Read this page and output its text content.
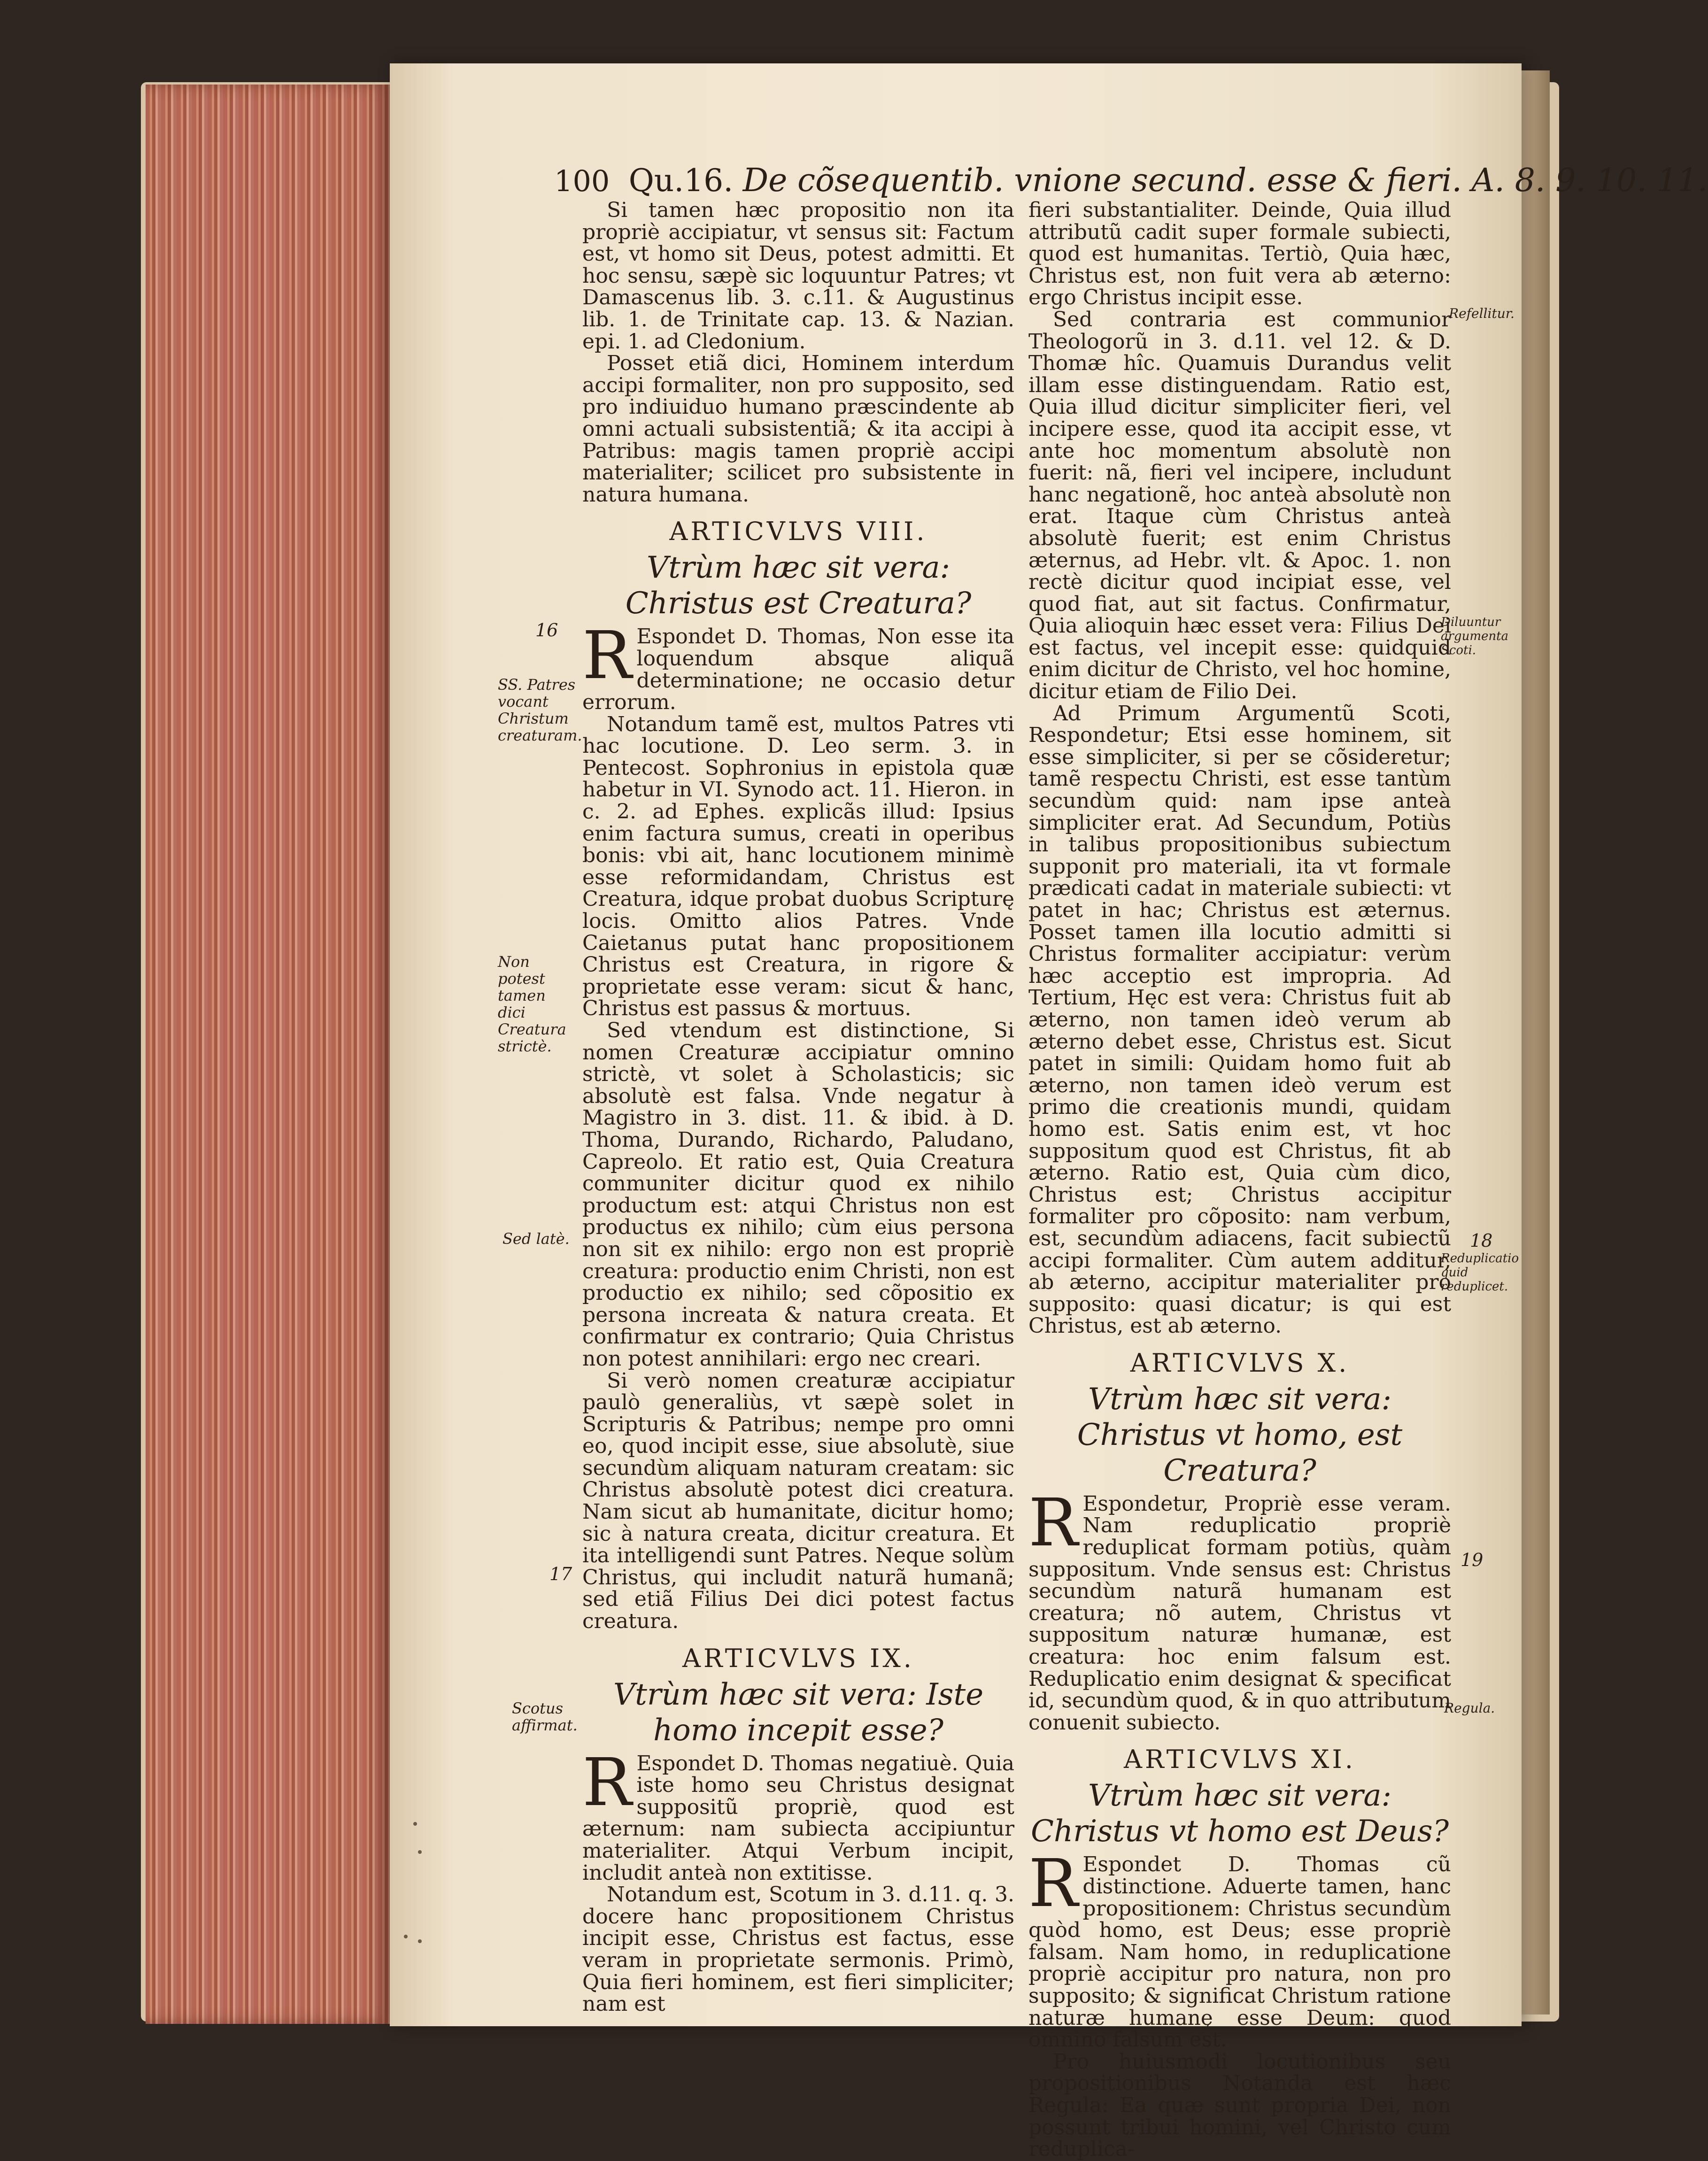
100 Qu.16. De cõsequentib. vnione secund. esse & fieri. A. 8. 9. 10. 11.

Si tamen hæc propositio non ita propriè accipiatur, vt sensus sit: Factum est, vt homo sit Deus, potest admitti. Et hoc sensu, sæpè sic loquuntur Patres; vt Damascenus lib. 3. c.11. & Augustinus lib. 1. de Trinitate cap. 13. & Nazian. epi. 1. ad Cledonium.

Posset etiã dici, Hominem interdum accipi formaliter, non pro supposito, sed pro indiuiduo humano præscindente ab omni actuali subsistentiã; & ita accipi à Patribus: magis tamen propriè accipi materialiter; scilicet pro subsistente in natura humana.

ARTICVLVS VIII.
Vtrùm hæc sit vera: Christus est Creatura?

R Espondet D. Thomas, Non esse ita loquendum absque aliquã determinatione; ne occasio detur errorum.

Notandum tamẽ est, multos Patres vti hac locutione. D. Leo serm. 3. in Pentecost. Sophronius in epistola quæ habetur in VI. Synodo act. 11. Hieron. in c. 2. ad Ephes. explicãs illud: Ipsius enim factura sumus, creati in operibus bonis: vbi ait, hanc locutionem minimè esse reformidandam, Christus est Creatura, idque probat duobus Scripturę locis. Omitto alios Patres. Vnde Caietanus putat hanc propositionem Christus est Creatura, in rigore & proprietate esse veram: sicut & hanc, Christus est passus & mortuus.

Sed vtendum est distinctione, Si nomen Creaturæ accipiatur omnino strictè, vt solet à Scholasticis; sic absolutè est falsa. Vnde negatur à Magistro in 3. dist. 11. & ibid. à D. Thoma, Durando, Richardo, Paludano, Capreolo. Et ratio est, Quia Creatura communiter dicitur quod ex nihilo productum est: atqui Christus non est productus ex nihilo; cùm eius persona non sit ex nihilo: ergo non est propriè creatura: productio enim Christi, non est productio ex nihilo; sed cõpositio ex persona increata & natura creata. Et confirmatur ex contrario; Quia Christus non potest annihilari: ergo nec creari.

Si verò nomen creaturæ accipiatur paulò generaliùs, vt sæpè solet in Scripturis & Patribus; nempe pro omni eo, quod incipit esse, siue absolutè, siue secundùm aliquam naturam creatam: sic Christus absolutè potest dici creatura. Nam sicut ab humanitate, dicitur homo; sic à natura creata, dicitur creatura. Et ita intelligendi sunt Patres. Neque solùm Christus, qui includit naturã humanã; sed etiã Filius Dei dici potest factus creatura.

ARTICVLVS IX.
Vtrùm hæc sit vera: Iste homo incepit esse?

R Espondet D. Thomas negatiuè. Quia iste homo seu Christus designat suppositũ propriè, quod est æternum: nam subiecta accipiuntur materialiter. Atqui Verbum incipit, includit anteà non extitisse.

Notandum est, Scotum in 3. d.11. q. 3. docere hanc propositionem Christus incipit esse, Christus est factus, esse veram in proprietate sermonis. Primò, Quia fieri hominem, est fieri simpliciter; nam est

fieri substantialiter. Deinde, Quia illud attributũ cadit super formale subiecti, quod est humanitas. Tertiò, Quia hæc, Christus est, non fuit vera ab æterno: ergo Christus incipit esse.

Sed contraria est communior Theologorũ in 3. d.11. vel 12. & D. Thomæ hîc. Quamuis Durandus velit illam esse distinguendam. Ratio est, Quia illud dicitur simpliciter fieri, vel incipere esse, quod ita accipit esse, vt ante hoc momentum absolutè non fuerit: nã, fieri vel incipere, includunt hanc negationẽ, hoc anteà absolutè non erat. Itaque cùm Christus anteà absolutè fuerit; est enim Christus æternus, ad Hebr. vlt. & Apoc. 1. non rectè dicitur quod incipiat esse, vel quod fiat, aut sit factus. Confirmatur, Quia alioquin hæc esset vera: Filius Dei est factus, vel incepit esse: quidquid enim dicitur de Christo, vel hoc homine, dicitur etiam de Filio Dei.

Ad Primum Argumentũ Scoti, Respondetur; Etsi esse hominem, sit esse simpliciter, si per se cõsideretur; tamẽ respectu Christi, est esse tantùm secundùm quid: nam ipse anteà simpliciter erat. Ad Secundum, Potiùs in talibus propositionibus subiectum supponit pro materiali, ita vt formale prædicati cadat in materiale subiecti: vt patet in hac; Christus est æternus. Posset tamen illa locutio admitti si Christus formaliter accipiatur: verùm hæc acceptio est impropria. Ad Tertium, Hęc est vera: Christus fuit ab æterno, non tamen ideò verum ab æterno debet esse, Christus est. Sicut patet in simili: Quidam homo fuit ab æterno, non tamen ideò verum est primo die creationis mundi, quidam homo est. Satis enim est, vt hoc suppositum quod est Christus, fit ab æterno. Ratio est, Quia cùm dico, Christus est; Christus accipitur formaliter pro cõposito: nam verbum, est, secundùm adiacens, facit subiectũ accipi formaliter. Cùm autem additur, ab æterno, accipitur materialiter pro supposito: quasi dicatur; is qui est Christus, est ab æterno.

ARTICVLVS X.
Vtrùm hæc sit vera: Christus vt homo, est Creatura?

R Espondetur, Propriè esse veram. Nam reduplicatio propriè reduplicat formam potiùs, quàm suppositum. Vnde sensus est: Christus secundùm naturã humanam est creatura; nõ autem, Christus vt suppositum naturæ humanæ, est creatura: hoc enim falsum est. Reduplicatio enim designat & specificat id, secundùm quod, & in quo attributum conuenit subiecto.

ARTICVLVS XI.
Vtrùm hæc sit vera: Christus vt homo est Deus?

R Espondet D. Thomas cũ distinctione. Aduerte tamen, hanc propositionem: Christus secundùm quòd homo, est Deus; esse propriè falsam. Nam homo, in reduplicatione propriè accipitur pro natura, non pro supposito; & significat Christum ratione naturæ humanę esse Deum: quod omnino falsum est.

Pro huiusmodi locutionibus seu propositionibus Notanda est hæc Regula: Ea quæ sunt propria Dei, non possunt tribui homini, vel Christo cum reduplica-

16
SS. Patres vocant Christum creaturam.
Non potest tamen dici Creatura strictè.
Sed latè.
17
Scotus affirmat.
Refellitur.
Diluuntur argumenta Scoti.
18
Reduplicatio quid reduplicet.
19
Regula.
